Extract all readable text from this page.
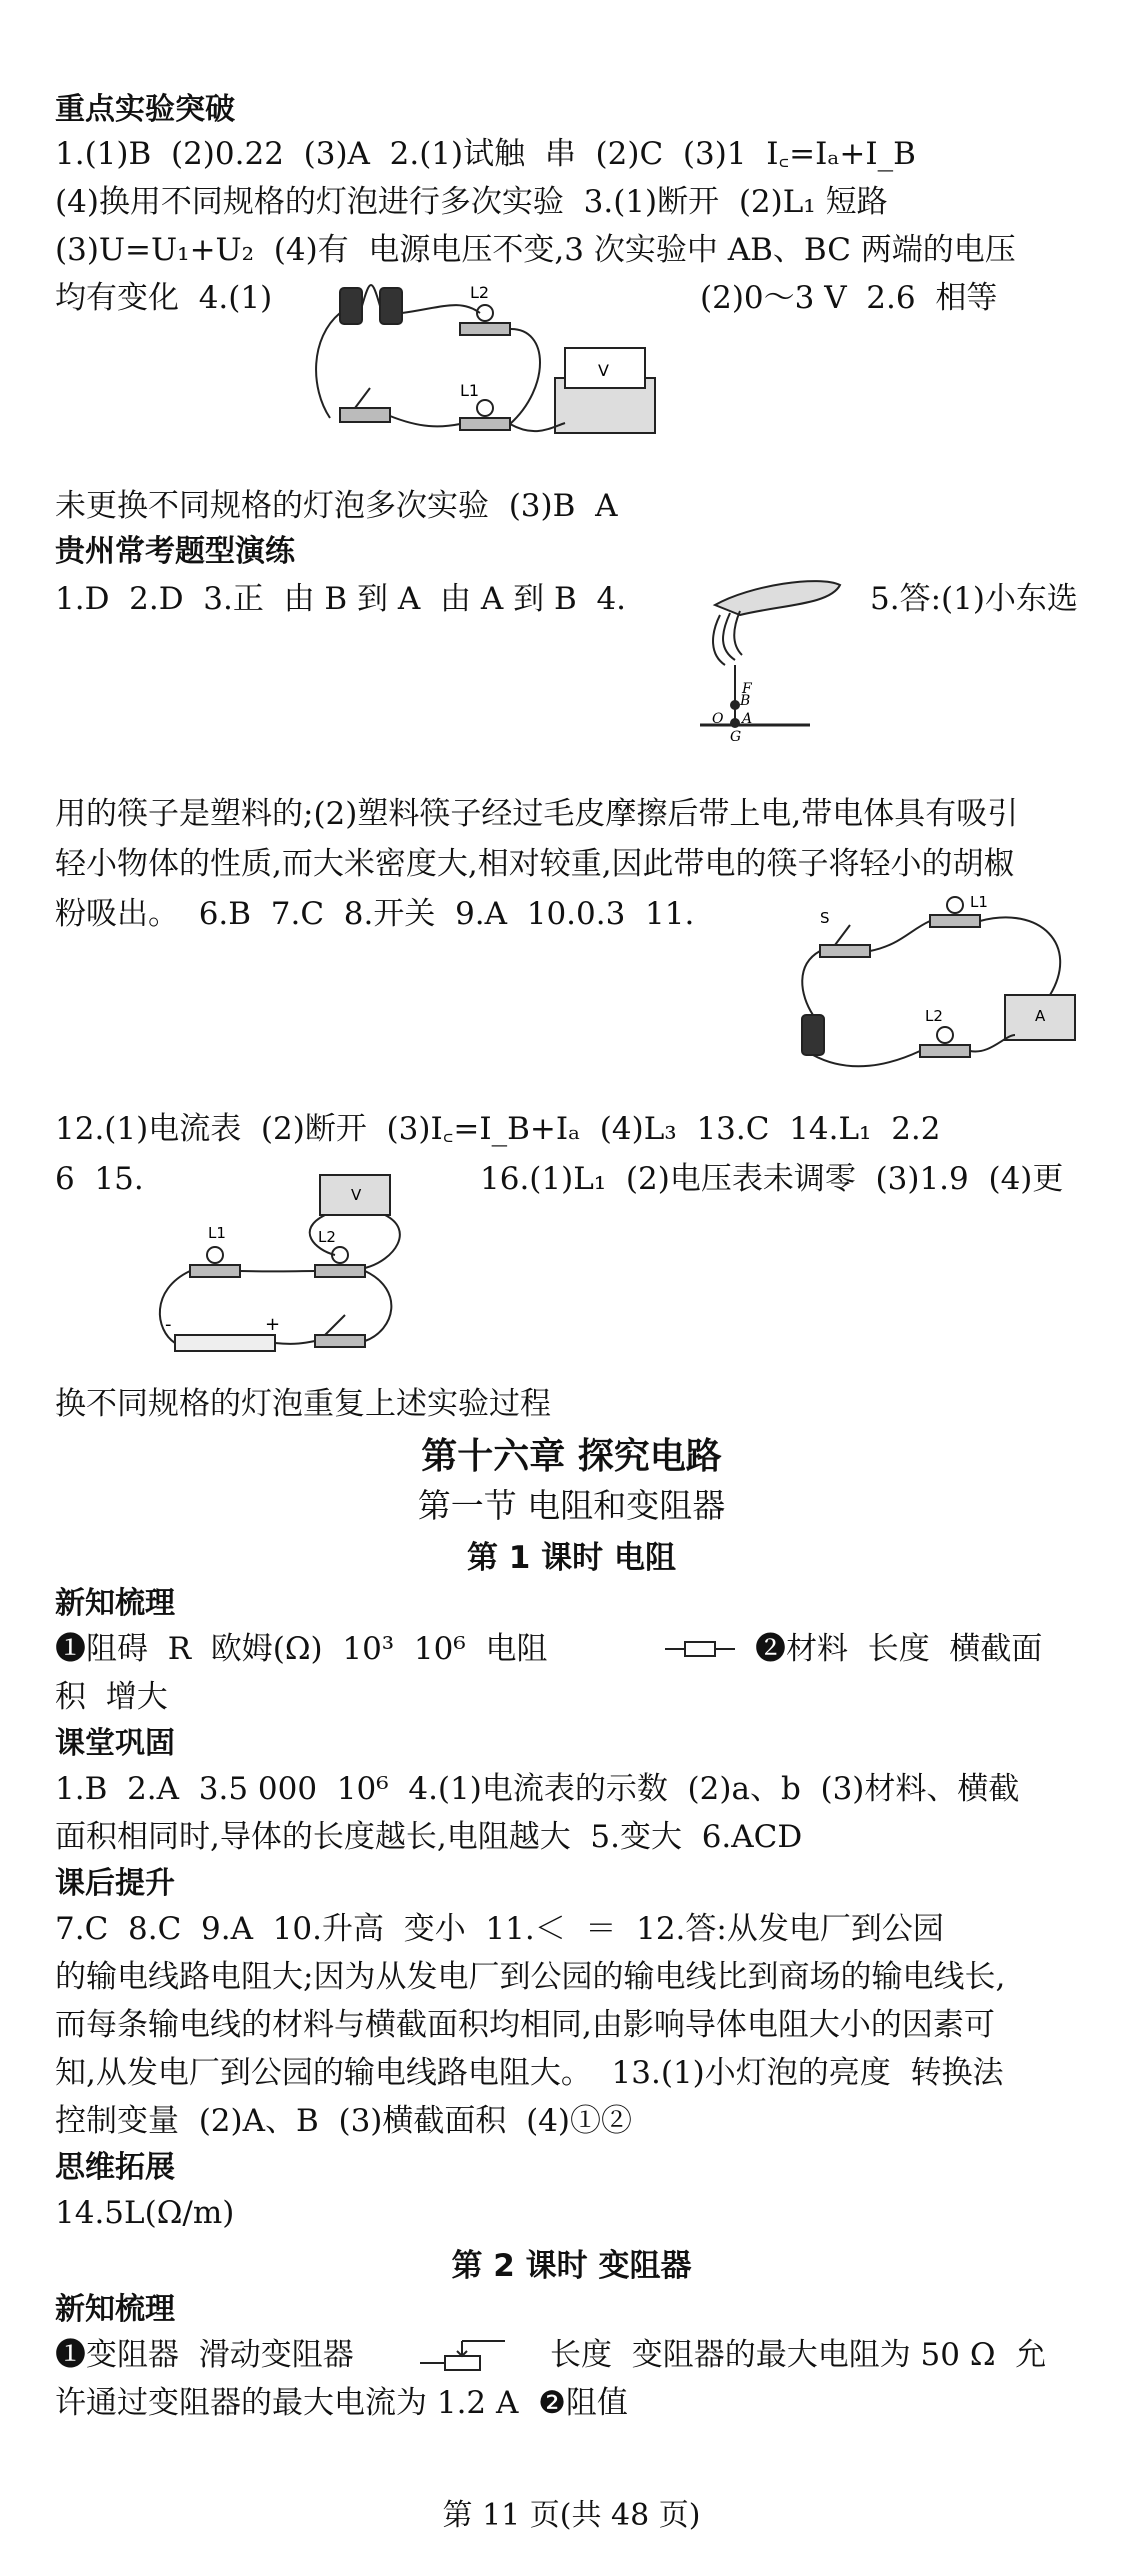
重点实验突破
1.(1)B  (2)0.22  (3)A  2.(1)试触  串  (2)C  (3)1  I꜀=Iₐ+I_B
(4)换用不同规格的灯泡进行多次实验  3.(1)断开  (2)L₁ 短路
(3)U=U₁+U₂  (4)有  电源电压不变,3 次实验中 AB、BC 两端的电压
均有变化  4.(1)	(2)0～3 V  2.6  相等
L2
L1
V
未更换不同规格的灯泡多次实验  (3)B  A
贵州常考题型演练
1.D  2.D  3.正  由 B 到 A  由 A 到 B  4.	5.答:(1)小东选
F
B
O A
G
用的筷子是塑料的;(2)塑料筷子经过毛皮摩擦后带上电,带电体具有吸引
轻小物体的性质,而大米密度大,相对较重,因此带电的筷子将轻小的胡椒
粉吸出。  6.B  7.C  8.开关  9.A  10.0.3  11.	S
L1
L2	A
12.(1)电流表  (2)断开  (3)I꜀=I_B+Iₐ  (4)L₃  13.C  14.L₁  2.2
6  15.	16.(1)L₁  (2)电压表未调零  (3)1.9  (4)更
L1	L2
V
-	+
换不同规格的灯泡重复上述实验过程
第十六章 探究电路
第一节 电阻和变阻器
第 1 课时 电阻
新知梳理
❶阻碍  R  欧姆(Ω)  10³  10⁶  电阻	❷材料  长度  横截面
积  增大
课堂巩固
1.B  2.A  3.5 000  10⁶  4.(1)电流表的示数  (2)a、b  (3)材料、横截
面积相同时,导体的长度越长,电阻越大  5.变大  6.ACD
课后提升
7.C  8.C  9.A  10.升高  变小  11.＜  ＝  12.答:从发电厂到公园
的输电线路电阻大;因为从发电厂到公园的输电线比到商场的输电线长,
而每条输电线的材料与横截面积均相同,由影响导体电阻大小的因素可
知,从发电厂到公园的输电线路电阻大。  13.(1)小灯泡的亮度  转换法
控制变量  (2)A、B  (3)横截面积  (4)①②
思维拓展
14.5L(Ω/m)
第 2 课时 变阻器
新知梳理
❶变阻器  滑动变阻器	长度  变阻器的最大电阻为 50 Ω  允
许通过变阻器的最大电流为 1.2 A  ❷阻值
第 11 页(共 48 页)
